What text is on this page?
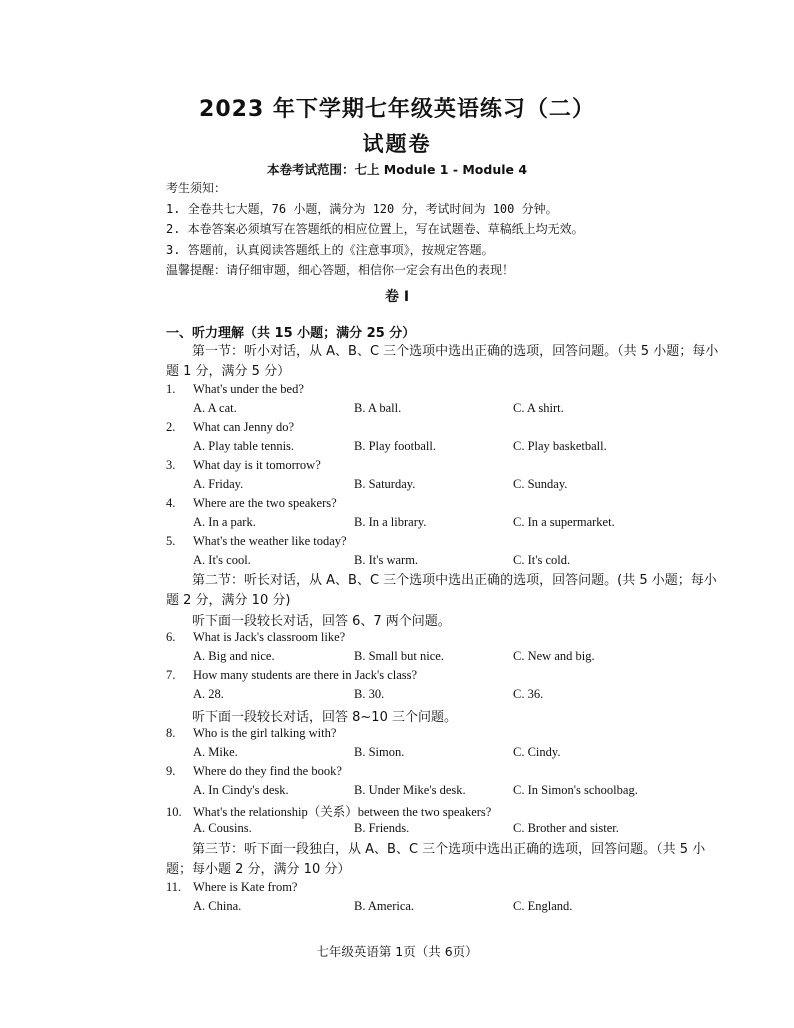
2023 年下学期七年级英语练习（二）
试题卷
本卷考试范围：七上 Module 1 - Module 4
考生须知：
1. 全卷共七大题，76 小题，满分为 120 分，考试时间为 100 分钟。
2. 本卷答案必须填写在答题纸的相应位置上，写在试题卷、草稿纸上均无效。
3. 答题前，认真阅读答题纸上的《注意事项》，按规定答题。
温馨提醒：请仔细审题，细心答题，相信你一定会有出色的表现！
卷 Ⅰ
一、听力理解（共 15 小题；满分 25 分）
第一节：听小对话，从 A、B、C 三个选项中选出正确的选项，回答问题。（共 5 小题；每小题 1 分，满分 5 分）
1. What's under the bed?
A. A cat.	B. A ball.	C. A shirt.
2. What can Jenny do?
A. Play table tennis.	B. Play football.	C. Play basketball.
3. What day is it tomorrow?
A. Friday.	B. Saturday.	C. Sunday.
4. Where are the two speakers?
A. In a park.	B. In a library.	C. In a supermarket.
5. What's the weather like today?
A. It's cool.	B. It's warm.	C. It's cold.
第二节：听长对话，从 A、B、C 三个选项中选出正确的选项，回答问题。(共 5 小题；每小题 2 分，满分 10 分)
听下面一段较长对话，回答 6、7 两个问题。
6. What is Jack's classroom like?
A. Big and nice.	B. Small but nice.	C. New and big.
7. How many students are there in Jack's class?
A. 28.	B. 30.	C. 36.
听下面一段较长对话，回答 8~10 三个问题。
8. Who is the girl talking with?
A. Mike.	B. Simon.	C. Cindy.
9. Where do they find the book?
A. In Cindy's desk.	B. Under Mike's desk.	C. In Simon's schoolbag.
10. What's the relationship（关系）between the two speakers?
A. Cousins.	B. Friends.	C. Brother and sister.
第三节：听下面一段独白，从 A、B、C 三个选项中选出正确的选项，回答问题。（共 5 小题；每小题 2 分，满分 10 分）
11. Where is Kate from?
A. China.	B. America.	C. England.
七年级英语第 1页（共 6页）
